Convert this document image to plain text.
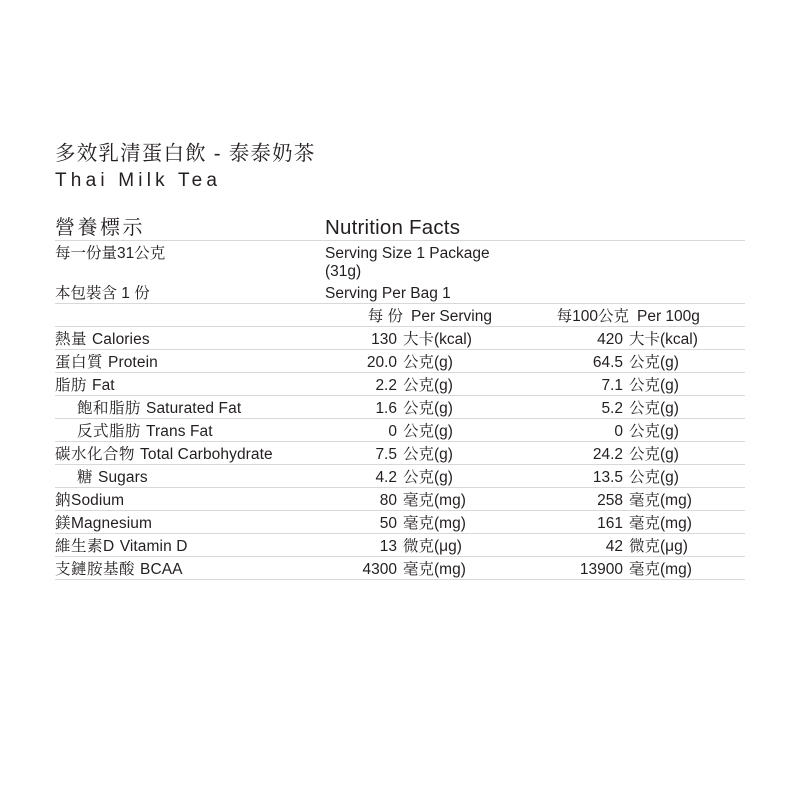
多效乳清蛋白飲 - 泰泰奶茶
Thai Milk Tea
營養標示	Nutrition Facts			
每一份量31公克	Serving Size 1 Package (31g)			
本包裝含 1 份	Serving Per Bag 1			
	每 份	Per Serving	每100公克	Per 100g
熱量 Calories	130	大卡(kcal)	420	大卡(kcal)
蛋白質 Protein	20.0	公克(g)	64.5	公克(g)
脂肪 Fat	2.2	公克(g)	7.1	公克(g)
飽和脂肪 Saturated Fat	1.6	公克(g)	5.2	公克(g)
反式脂肪 Trans Fat	0	公克(g)	0	公克(g)
碳水化合物 Total Carbohydrate	7.5	公克(g)	24.2	公克(g)
糖 Sugars	4.2	公克(g)	13.5	公克(g)
鈉Sodium	80	毫克(mg)	258	毫克(mg)
鎂Magnesium	50	毫克(mg)	161	毫克(mg)
維生素D Vitamin D	13	微克(μg)	42	微克(μg)
支鏈胺基酸 BCAA	4300	毫克(mg)	13900	毫克(mg)
